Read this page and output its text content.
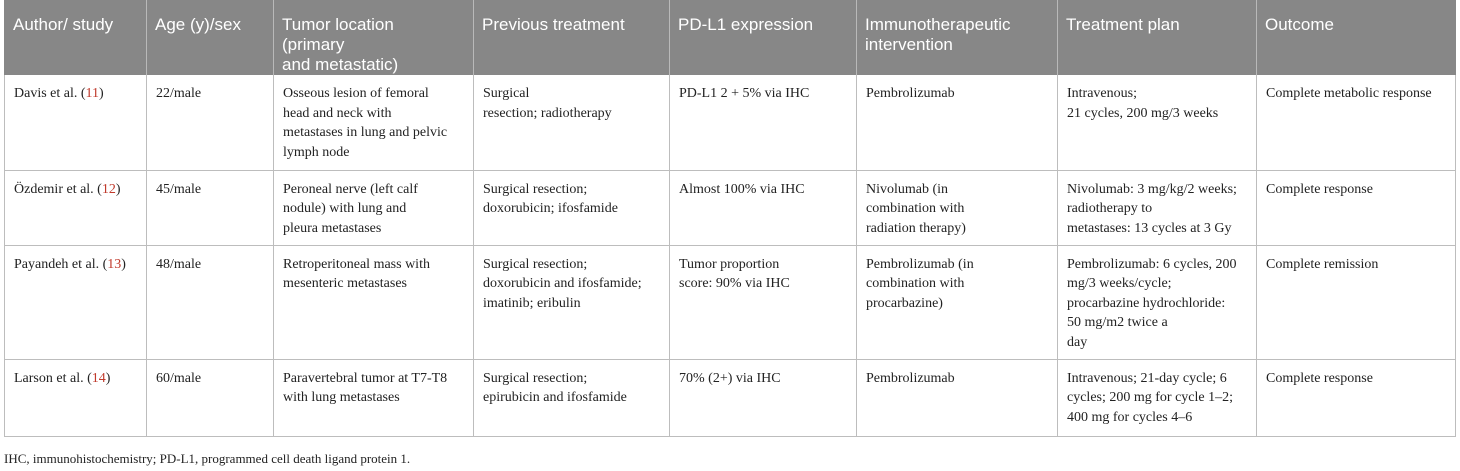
Author/ study	Age (y)/sex	Tumor location
(primary
and metastatic)	Previous treatment	PD-L1 expression	Immunotherapeutic
intervention	Treatment plan	Outcome
Davis et al. (11)	22/male	Osseous lesion of femoral
head and neck with
metastases in lung and pelvic
lymph node	Surgical
resection; radiotherapy	PD-L1 2 + 5% via IHC	Pembrolizumab	Intravenous;
21 cycles, 200 mg/3 weeks	Complete metabolic response
Özdemir et al. (12)	45/male	Peroneal nerve (left calf
nodule) with lung and
pleura metastases	Surgical resection;
doxorubicin; ifosfamide	Almost 100% via IHC	Nivolumab (in
combination with
radiation therapy)	Nivolumab: 3 mg/kg/2 weeks;
radiotherapy to
metastases: 13 cycles at 3 Gy	Complete response
Payandeh et al. (13)	48/male	Retroperitoneal mass with
mesenteric metastases	Surgical resection;
doxorubicin and ifosfamide;
imatinib; eribulin	Tumor proportion
score: 90% via IHC	Pembrolizumab (in
combination with
procarbazine)	Pembrolizumab: 6 cycles, 200
mg/3 weeks/cycle;
procarbazine hydrochloride:
50 mg/m2 twice a
day	Complete remission
Larson et al. (14)	60/male	Paravertebral tumor at T7-T8
with lung metastases	Surgical resection;
epirubicin and ifosfamide	70% (2+) via IHC	Pembrolizumab	Intravenous; 21-day cycle; 6
cycles; 200 mg for cycle 1–2;
400 mg for cycles 4–6	Complete response
IHC, immunohistochemistry; PD-L1, programmed cell death ligand protein 1.
